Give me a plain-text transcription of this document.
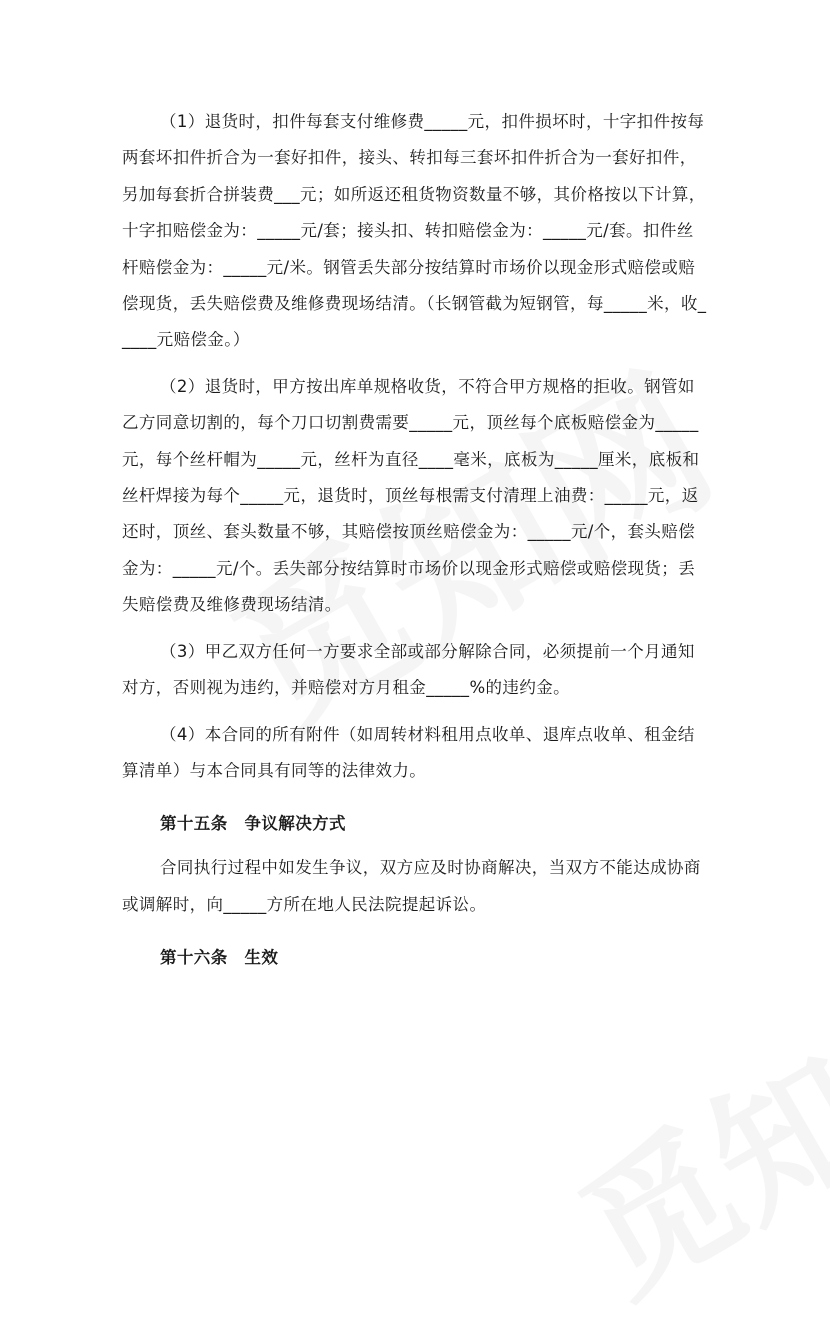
（1）退货时，扣件每套支付维修费_____元，扣件损坏时，十字扣件按每两套坏扣件折合为一套好扣件，接头、转扣每三套坏扣件折合为一套好扣件，另加每套折合拼装费___元；如所返还租货物资数量不够，其价格按以下计算，十字扣赔偿金为：_____元/套；接头扣、转扣赔偿金为：_____元/套。扣件丝杆赔偿金为：_____元/米。钢管丢失部分按结算时市场价以现金形式赔偿或赔偿现货，丢失赔偿费及维修费现场结清。（长钢管截为短钢管，每_____米，收_____元赔偿金。）

（2）退货时，甲方按出库单规格收货，不符合甲方规格的拒收。钢管如乙方同意切割的，每个刀口切割费需要_____元，顶丝每个底板赔偿金为_____元，每个丝杆帽为_____元，丝杆为直径____毫米，底板为_____厘米，底板和丝杆焊接为每个_____元，退货时，顶丝每根需支付清理上油费：_____元，返还时，顶丝、套头数量不够，其赔偿按顶丝赔偿金为：_____元/个，套头赔偿金为：_____元/个。丢失部分按结算时市场价以现金形式赔偿或赔偿现货；丢失赔偿费及维修费现场结清。

（3）甲乙双方任何一方要求全部或部分解除合同，必须提前一个月通知对方，否则视为违约，并赔偿对方月租金_____%的违约金。

（4）本合同的所有附件（如周转材料租用点收单、退库点收单、租金结算清单）与本合同具有同等的法律效力。

第十五条　争议解决方式

合同执行过程中如发生争议，双方应及时协商解决，当双方不能达成协商或调解时，向_____方所在地人民法院提起诉讼。

第十六条　生效
